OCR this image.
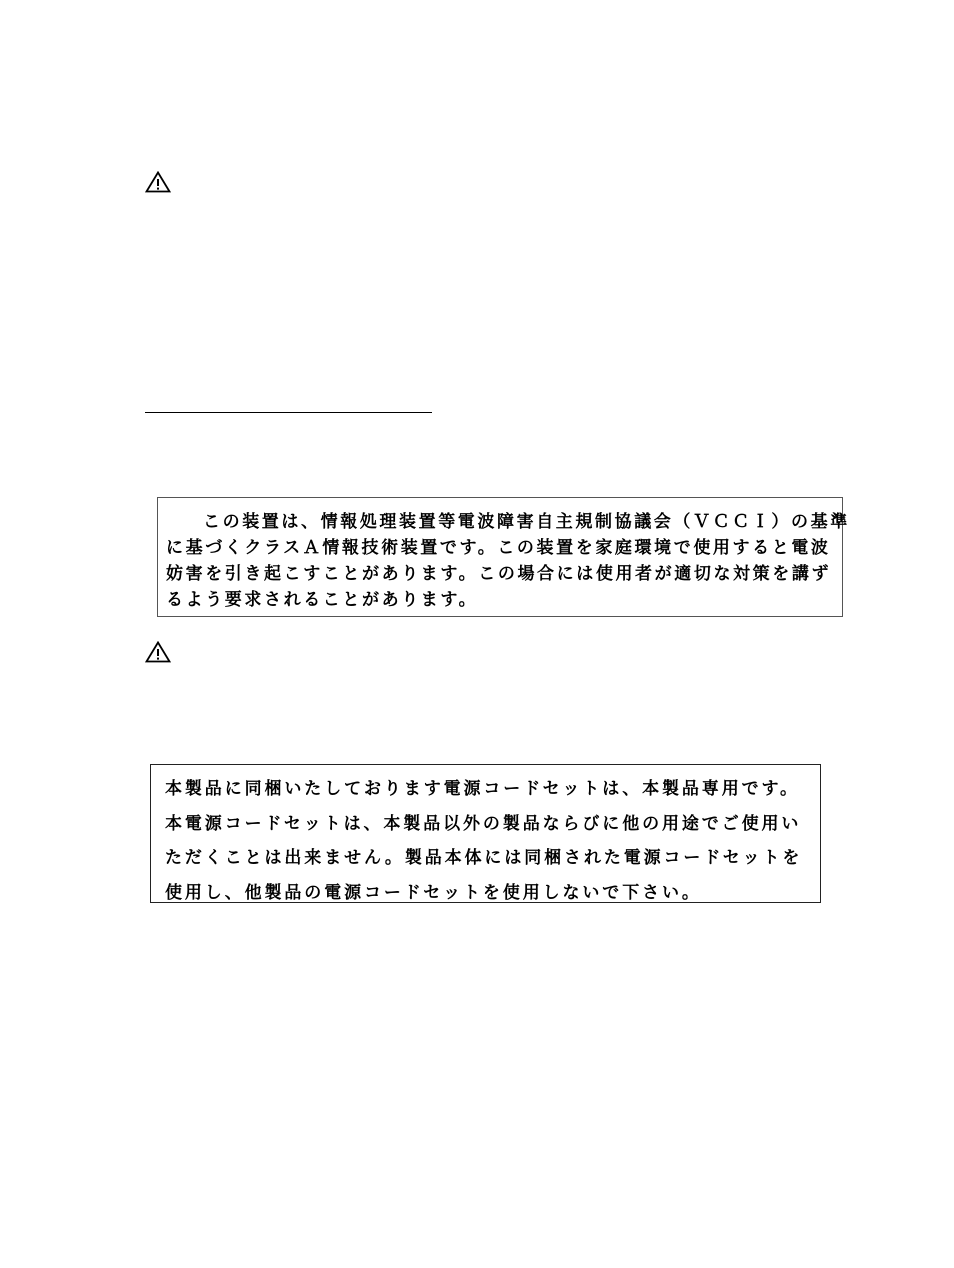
この装置は、情報処理装置等電波障害自主規制協議会（ＶＣＣＩ）の基準
に基づくクラスＡ情報技術装置です。この装置を家庭環境で使用すると電波
妨害を引き起こすことがあります。この場合には使用者が適切な対策を講ず
るよう要求されることがあります。
本製品に同梱いたしております電源コードセットは、本製品専用です。
本電源コードセットは、本製品以外の製品ならびに他の用途でご使用い
ただくことは出来ません。製品本体には同梱された電源コードセットを
使用し、他製品の電源コードセットを使用しないで下さい。
